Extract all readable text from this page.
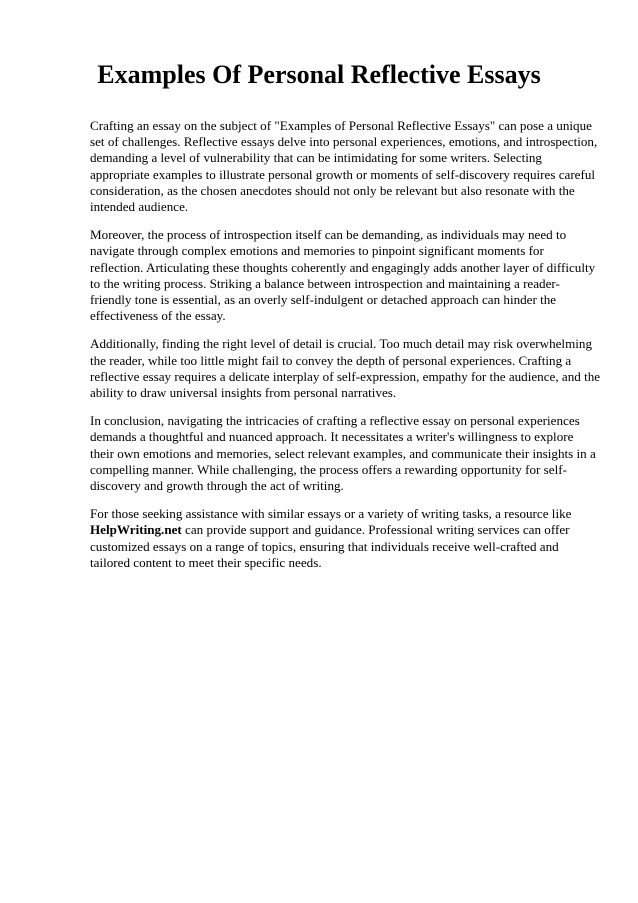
Examples Of Personal Reflective Essays

Crafting an essay on the subject of "Examples of Personal Reflective Essays" can pose a unique
set of challenges. Reflective essays delve into personal experiences, emotions, and introspection,
demanding a level of vulnerability that can be intimidating for some writers. Selecting
appropriate examples to illustrate personal growth or moments of self-discovery requires careful
consideration, as the chosen anecdotes should not only be relevant but also resonate with the
intended audience.

Moreover, the process of introspection itself can be demanding, as individuals may need to
navigate through complex emotions and memories to pinpoint significant moments for
reflection. Articulating these thoughts coherently and engagingly adds another layer of difficulty
to the writing process. Striking a balance between introspection and maintaining a reader-
friendly tone is essential, as an overly self-indulgent or detached approach can hinder the
effectiveness of the essay.

Additionally, finding the right level of detail is crucial. Too much detail may risk overwhelming
the reader, while too little might fail to convey the depth of personal experiences. Crafting a
reflective essay requires a delicate interplay of self-expression, empathy for the audience, and the
ability to draw universal insights from personal narratives.

In conclusion, navigating the intricacies of crafting a reflective essay on personal experiences
demands a thoughtful and nuanced approach. It necessitates a writer's willingness to explore
their own emotions and memories, select relevant examples, and communicate their insights in a
compelling manner. While challenging, the process offers a rewarding opportunity for self-
discovery and growth through the act of writing.

For those seeking assistance with similar essays or a variety of writing tasks, a resource like
HelpWriting.net can provide support and guidance. Professional writing services can offer
customized essays on a range of topics, ensuring that individuals receive well-crafted and
tailored content to meet their specific needs.
